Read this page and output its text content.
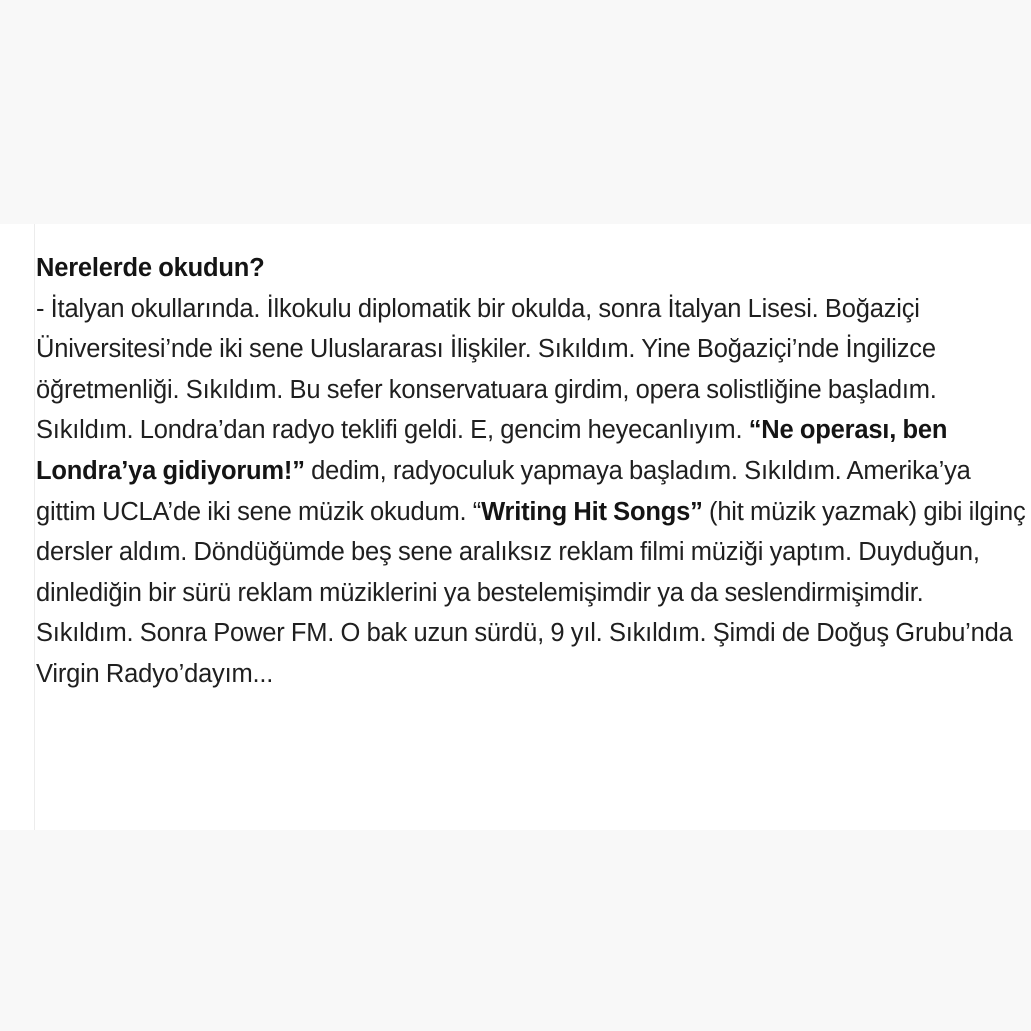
Nerelerde okudun?
- İtalyan okullarında. İlkokulu diplomatik bir okulda, sonra İtalyan Lisesi. Boğaziçi Üniversitesi’nde iki sene Uluslararası İlişkiler. Sıkıldım. Yine Boğaziçi’nde İngilizce öğretmenliği. Sıkıldım. Bu sefer konservatuara girdim, opera solistliğine başladım. Sıkıldım. Londra’dan radyo teklifi geldi. E, gencim heyecanlıyım. “Ne operası, ben Londra’ya gidiyorum!” dedim, radyoculuk yapmaya başladım. Sıkıldım. Amerika’ya gittim UCLA’de iki sene müzik okudum. “Writing Hit Songs” (hit müzik yazmak) gibi ilginç dersler aldım. Döndüğümde beş sene aralıksız reklam filmi müziği yaptım. Duyduğun, dinlediğin bir sürü reklam müziklerini ya bestelemişimdir ya da seslendirmişimdir. Sıkıldım. Sonra Power FM. O bak uzun sürdü, 9 yıl. Sıkıldım. Şimdi de Doğuş Grubu’nda Virgin Radyo’dayım...
